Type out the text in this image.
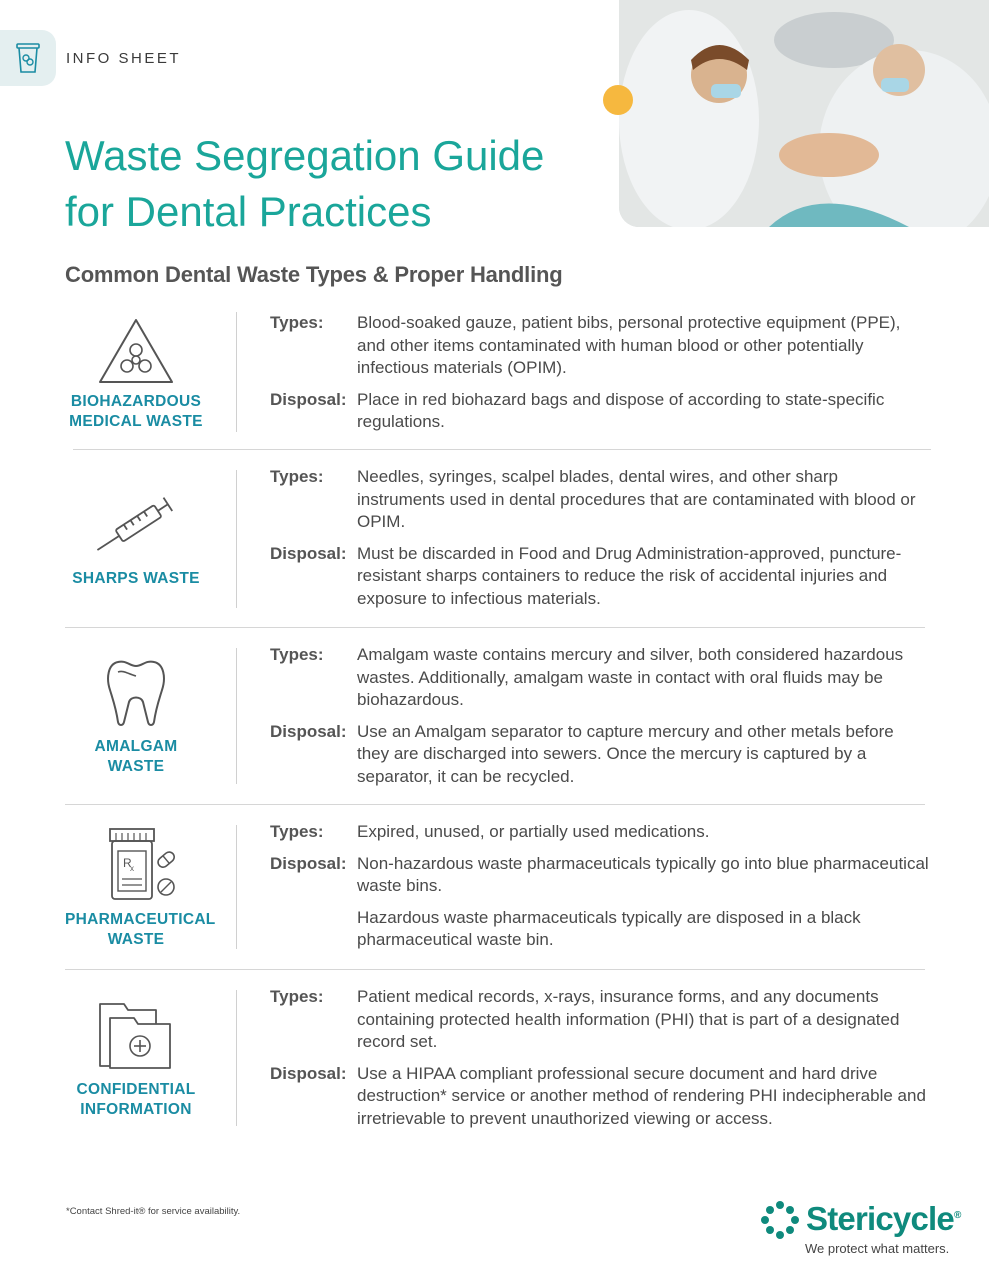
INFO SHEET
Waste Segregation Guide
for Dental Practices
Common Dental Waste Types & Proper Handling
BIOHAZARDOUS
MEDICAL WASTE
Types:	Blood-soaked gauze, patient bibs, personal protective equipment (PPE), and other items contaminated with human blood or other potentially infectious materials (OPIM).
Disposal: Place in red biohazard bags and dispose of according to state-specific regulations.

SHARPS WASTE
Types:	Needles, syringes, scalpel blades, dental wires, and other sharp instruments used in dental procedures that are contaminated with blood or OPIM.
Disposal: Must be discarded in Food and Drug Administration-approved, puncture-resistant sharps containers to reduce the risk of accidental injuries and exposure to infectious materials.

AMALGAM
WASTE
Types:	Amalgam waste contains mercury and silver, both considered hazardous wastes. Additionally, amalgam waste in contact with oral fluids may be biohazardous.
Disposal: Use an Amalgam separator to capture mercury and other metals before they are discharged into sewers. Once the mercury is captured by a separator, it can be recycled.

R
x
PHARMACEUTICAL
WASTE
Types:	Expired, unused, or partially used medications.
Disposal: Non-hazardous waste pharmaceuticals typically go into blue pharmaceutical waste bins.

Hazardous waste pharmaceuticals typically are disposed in a black pharmaceutical waste bin.

CONFIDENTIAL
INFORMATION
Types:	Patient medical records, x-rays, insurance forms, and any documents containing protected health information (PHI) that is part of a designated record set.
Disposal: Use a HIPAA compliant professional secure document and hard drive destruction* service or another method of rendering PHI indecipherable and irretrievable to prevent unauthorized viewing or access.

*Contact Shred-it® for service availability.	Stericycle®
We protect what matters.
